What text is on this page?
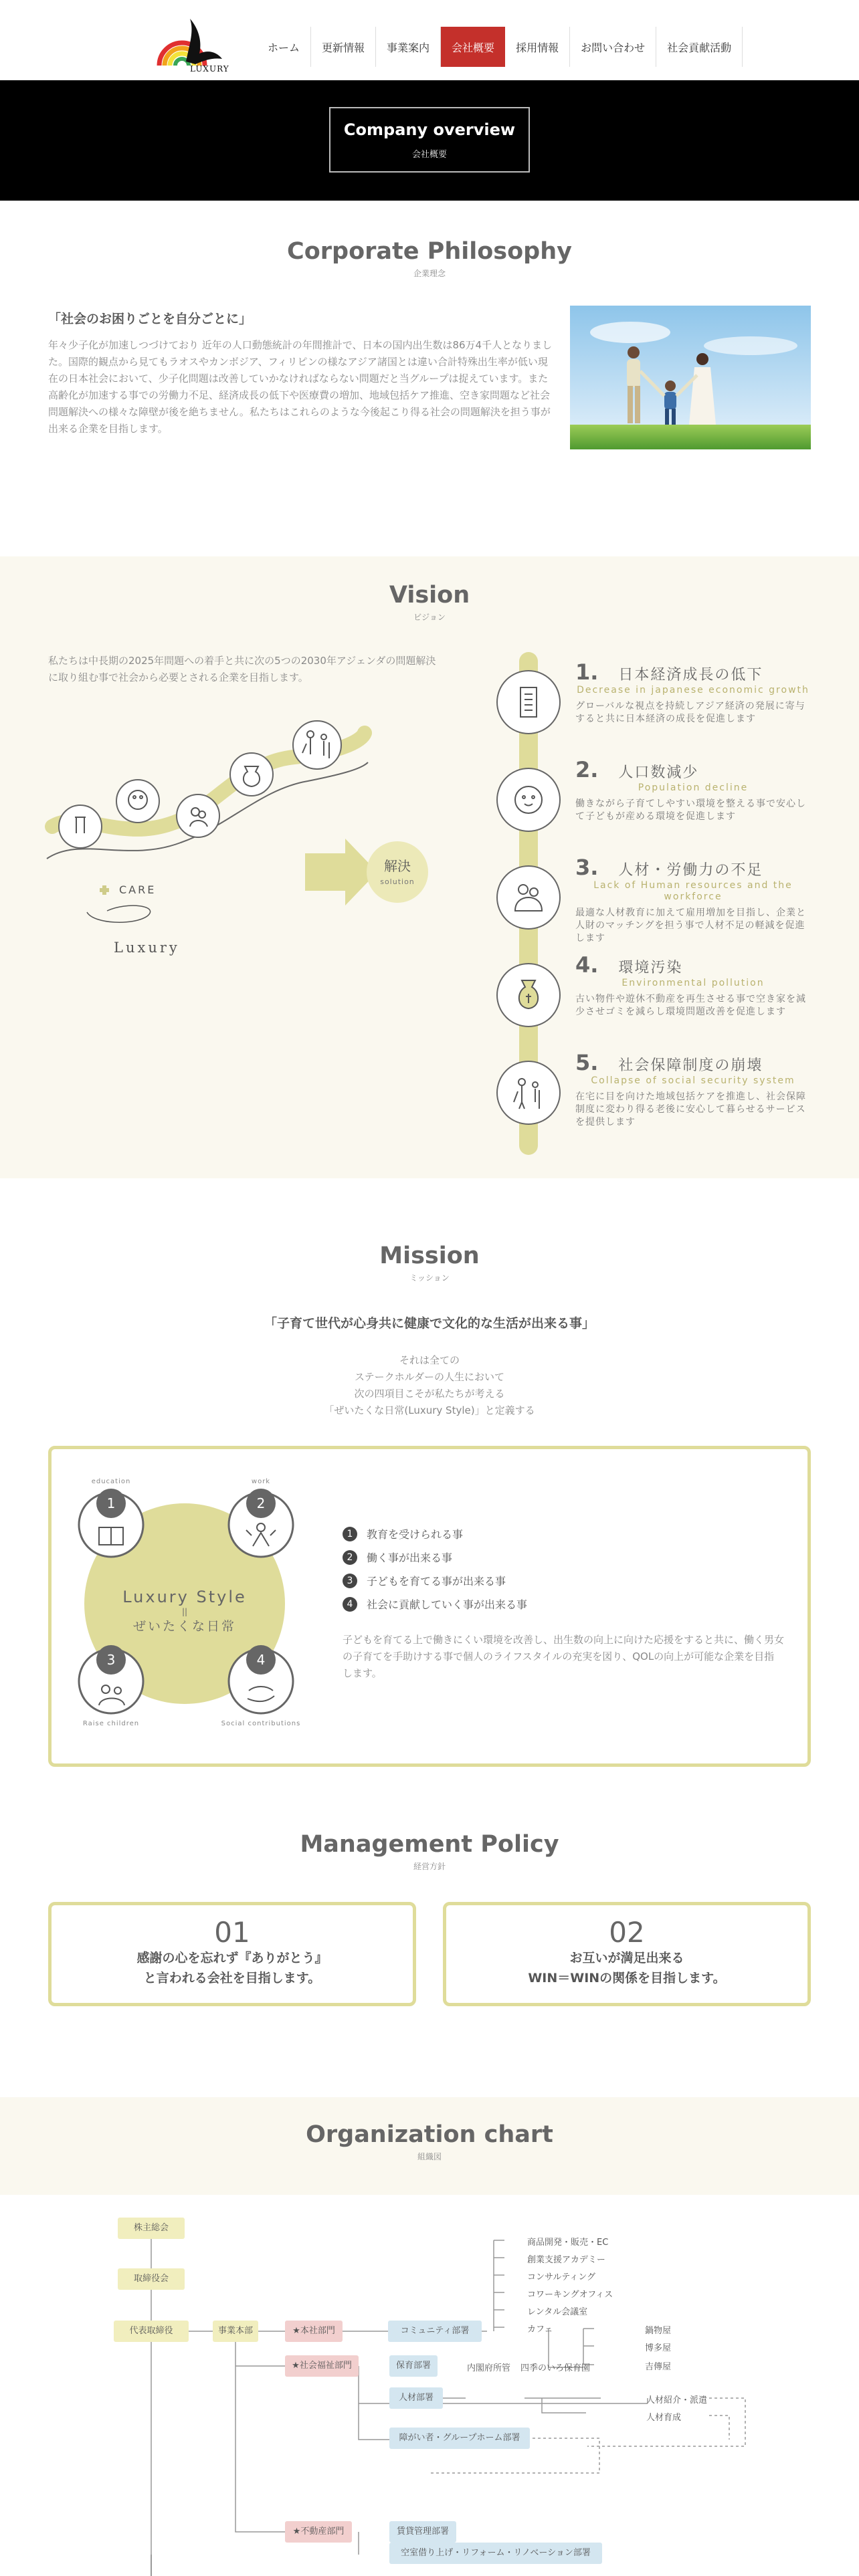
LUXURY
ホーム	更新情報	事業案内	会社概要	採用情報	お問い合わせ	社会貢献活動
Company overview
会社概要
Corporate Philosophy
企業理念
「社会のお困りごとを自分ごとに」
年々少子化が加速しつづけており 近年の人口動態統計の年間推計で、日本の国内出生数は86万4千人となりました。国際的観点から見てもラオスやカンボジア、フィリピンの様なアジア諸国とは違い合計特殊出生率が低い現在の日本社会において、少子化問題は改善していかなければならない問題だと当グループは捉えています。また高齢化が加速する事での労働力不足、経済成長の低下や医療費の増加、地域包括ケア推進、空き家問題など社会問題解決への様々な障壁が後を絶ちません。私たちはこれらのような今後起こり得る社会の問題解決を担う事が出来る企業を目指します。
Vision
ビジョン
私たちは中長期の2025年問題への着手と共に次の5つの2030年アジェンダの問題解決に取り組む事で社会から必要とされる企業を目指します。
CARE
Luxury
解決
solution
1. 日本経済成長の低下
Decrease in japanese economic growth
グローバルな視点を持続しアジア経済の発展に寄与すると共に日本経済の成長を促進します
2. 人口数減少
Population decline
働きながら子育てしやすい環境を整える事で安心して子どもが産める環境を促進します
3. 人材・労働力の不足
Lack of Human resources and the workforce
最適な人材教育に加えて雇用増加を目指し、企業と人財のマッチングを担う事で人材不足の軽減を促進します
4. 環境汚染
Environmental pollution
古い物件や遊休不動産を再生させる事で空き家を減少させゴミを減らし環境問題改善を促進します
5. 社会保障制度の崩壊
Collapse of social security system
在宅に目を向けた地域包括ケアを推進し、社会保障制度に変わり得る老後に安心して暮らせるサービスを提供します
Mission
ミッション
「子育て世代が心身共に健康で文化的な生活が出来る事」
それは全ての
ステークホルダーの人生において
次の四項目こそが私たちが考える
「ぜいたくな日常(Luxury Style)」と定義する
Luxury Style
||
ぜいたくな日常
1	2
3	4
education	work
Raise children	Social contributions
1	教育を受けられる事
2	働く事が出来る事
3	子どもを育てる事が出来る事
4	社会に貢献していく事が出来る事
子どもを育てる上で働きにくい環境を改善し、出生数の向上に向けた応援をすると共に、働く男女の子育てを手助けする事で個人のライフスタイルの充実を図り、QOLの向上が可能な企業を目指します。
Management Policy
経営方針
01
感謝の心を忘れず『ありがとう』
と言われる会社を目指します。
02
お互いが満足出来る
WIN＝WINの関係を目指します。
Organization chart
組織図
株主総会
取締役会
代表取締役	事業本部	★本社部門
★社会福祉部門
★不動産部門
コミュニティ部署
保育部署
人材部署
障がい者・グループホーム部署
賃貸管理部署
商品開発・販売・EC
創業支援アカデミー
コンサルティング
コワーキングオフィス
レンタル会議室
カフェ	鍋物屋
博多屋
吉傳屋
内閣府所管 四季のいろ保育園
人材紹介・派遣
人材育成
空室借り上げ・リフォーム・リノベーション部署
